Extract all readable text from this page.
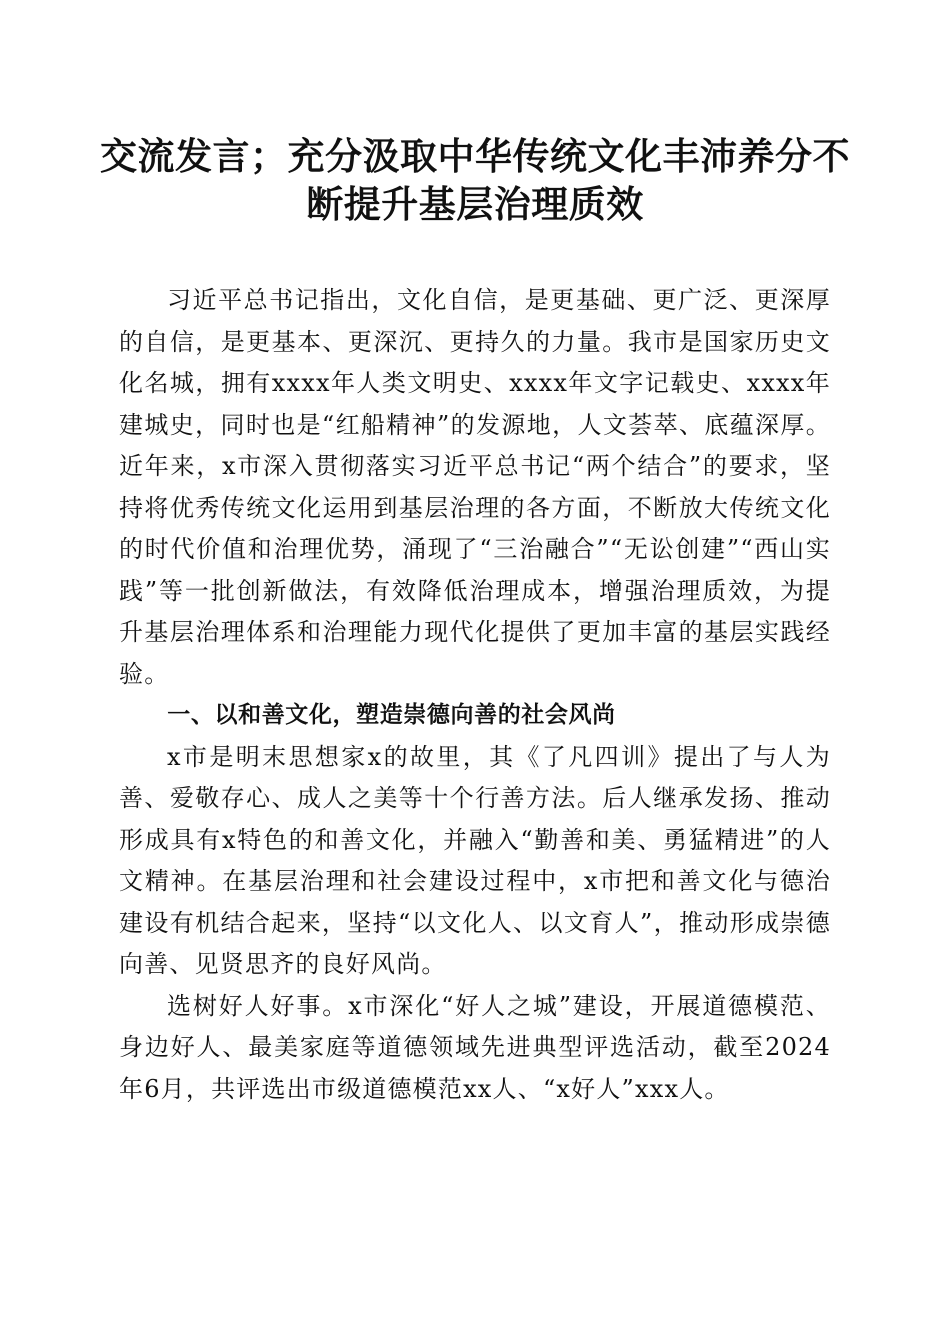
交流发言；充分汲取中华传统文化丰沛养分不
断提升基层治理质效

习近平总书记指出，文化自信，是更基础、更广泛、更深厚的自信，是更基本、更深沉、更持久的力量。我市是国家历史文化名城，拥有xxxx年人类文明史、xxxx年文字记载史、xxxx年建城史，同时也是“红船精神”的发源地，人文荟萃、底蕴深厚。近年来，x市深入贯彻落实习近平总书记“两个结合”的要求，坚持将优秀传统文化运用到基层治理的各方面，不断放大传统文化的时代价值和治理优势，涌现了“三治融合”“无讼创建”“西山实践”等一批创新做法，有效降低治理成本，增强治理质效，为提升基层治理体系和治理能力现代化提供了更加丰富的基层实践经验。

一、以和善文化，塑造崇德向善的社会风尚

x市是明末思想家x的故里，其《了凡四训》提出了与人为善、爱敬存心、成人之美等十个行善方法。后人继承发扬、推动形成具有x特色的和善文化，并融入“勤善和美、勇猛精进”的人文精神。在基层治理和社会建设过程中，x市把和善文化与德治建设有机结合起来，坚持“以文化人、以文育人”，推动形成崇德向善、见贤思齐的良好风尚。

选树好人好事。x市深化“好人之城”建设，开展道德模范、身边好人、最美家庭等道德领域先进典型评选活动，截至2024年6月，共评选出市级道德模范xx人、“x好人”xxx人。
